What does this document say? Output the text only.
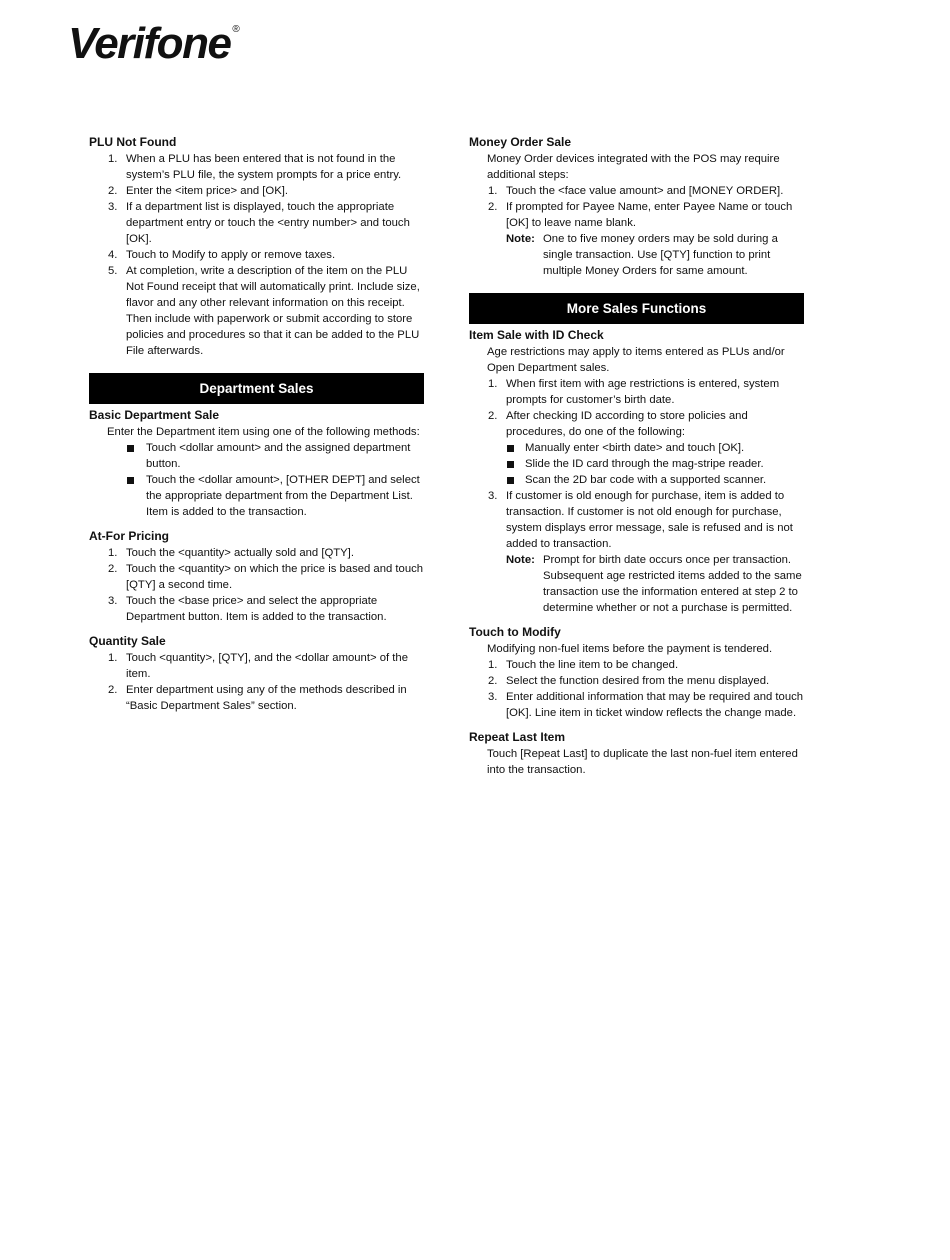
Verifone ®
PLU Not Found
1. When a PLU has been entered that is not found in the system’s PLU file, the system prompts for a price entry.
2. Enter the <item price> and [OK].
3. If a department list is displayed, touch the appropriate department entry or touch the <entry number> and touch [OK].
4. Touch to Modify to apply or remove taxes.
5. At completion, write a description of the item on the PLU Not Found receipt that will automatically print. Include size, flavor and any other relevant information on this receipt. Then include with paperwork or submit according to store policies and procedures so that it can be added to the PLU File afterwards.
Department Sales
Basic Department Sale

Enter the Department item using one of the following methods:

Touch <dollar amount> and the assigned department button.
Touch the <dollar amount>, [OTHER DEPT] and select the appropriate department from the Department List. Item is added to the transaction.
At-For Pricing
1. Touch the <quantity> actually sold and [QTY].
2. Touch the <quantity> on which the price is based and touch [QTY] a second time.
3. Touch the <base price> and select the appropriate Department button. Item is added to the transaction.
Quantity Sale
1. Touch <quantity>, [QTY], and the <dollar amount> of the item.
2. Enter department using any of the methods described in “Basic Department Sales” section.
Money Order Sale

Money Order devices integrated with the POS may require additional steps:

1. Touch the <face value amount> and [MONEY ORDER].
2. If prompted for Payee Name, enter Payee Name or touch [OK] to leave name blank.
Note: One to five money orders may be sold during a single transaction. Use [QTY] function to print multiple Money Orders for same amount.
More Sales Functions
Item Sale with ID Check

Age restrictions may apply to items entered as PLUs and/or Open Department sales.

1. When first item with age restrictions is entered, system prompts for customer’s birth date.
2. After checking ID according to store policies and procedures, do one of the following:
Manually enter <birth date> and touch [OK].
Slide the ID card through the mag-stripe reader.
Scan the 2D bar code with a supported scanner.
3. If customer is old enough for purchase, item is added to transaction. If customer is not old enough for purchase, system displays error message, sale is refused and is not added to transaction.
Note: Prompt for birth date occurs once per transaction. Subsequent age restricted items added to the same transaction use the information entered at step 2 to determine whether or not a purchase is permitted.
Touch to Modify

Modifying non-fuel items before the payment is tendered.

1. Touch the line item to be changed.
2. Select the function desired from the menu displayed.
3. Enter additional information that may be required and touch [OK]. Line item in ticket window reflects the change made.
Repeat Last Item

Touch [Repeat Last] to duplicate the last non-fuel item entered into the transaction.
